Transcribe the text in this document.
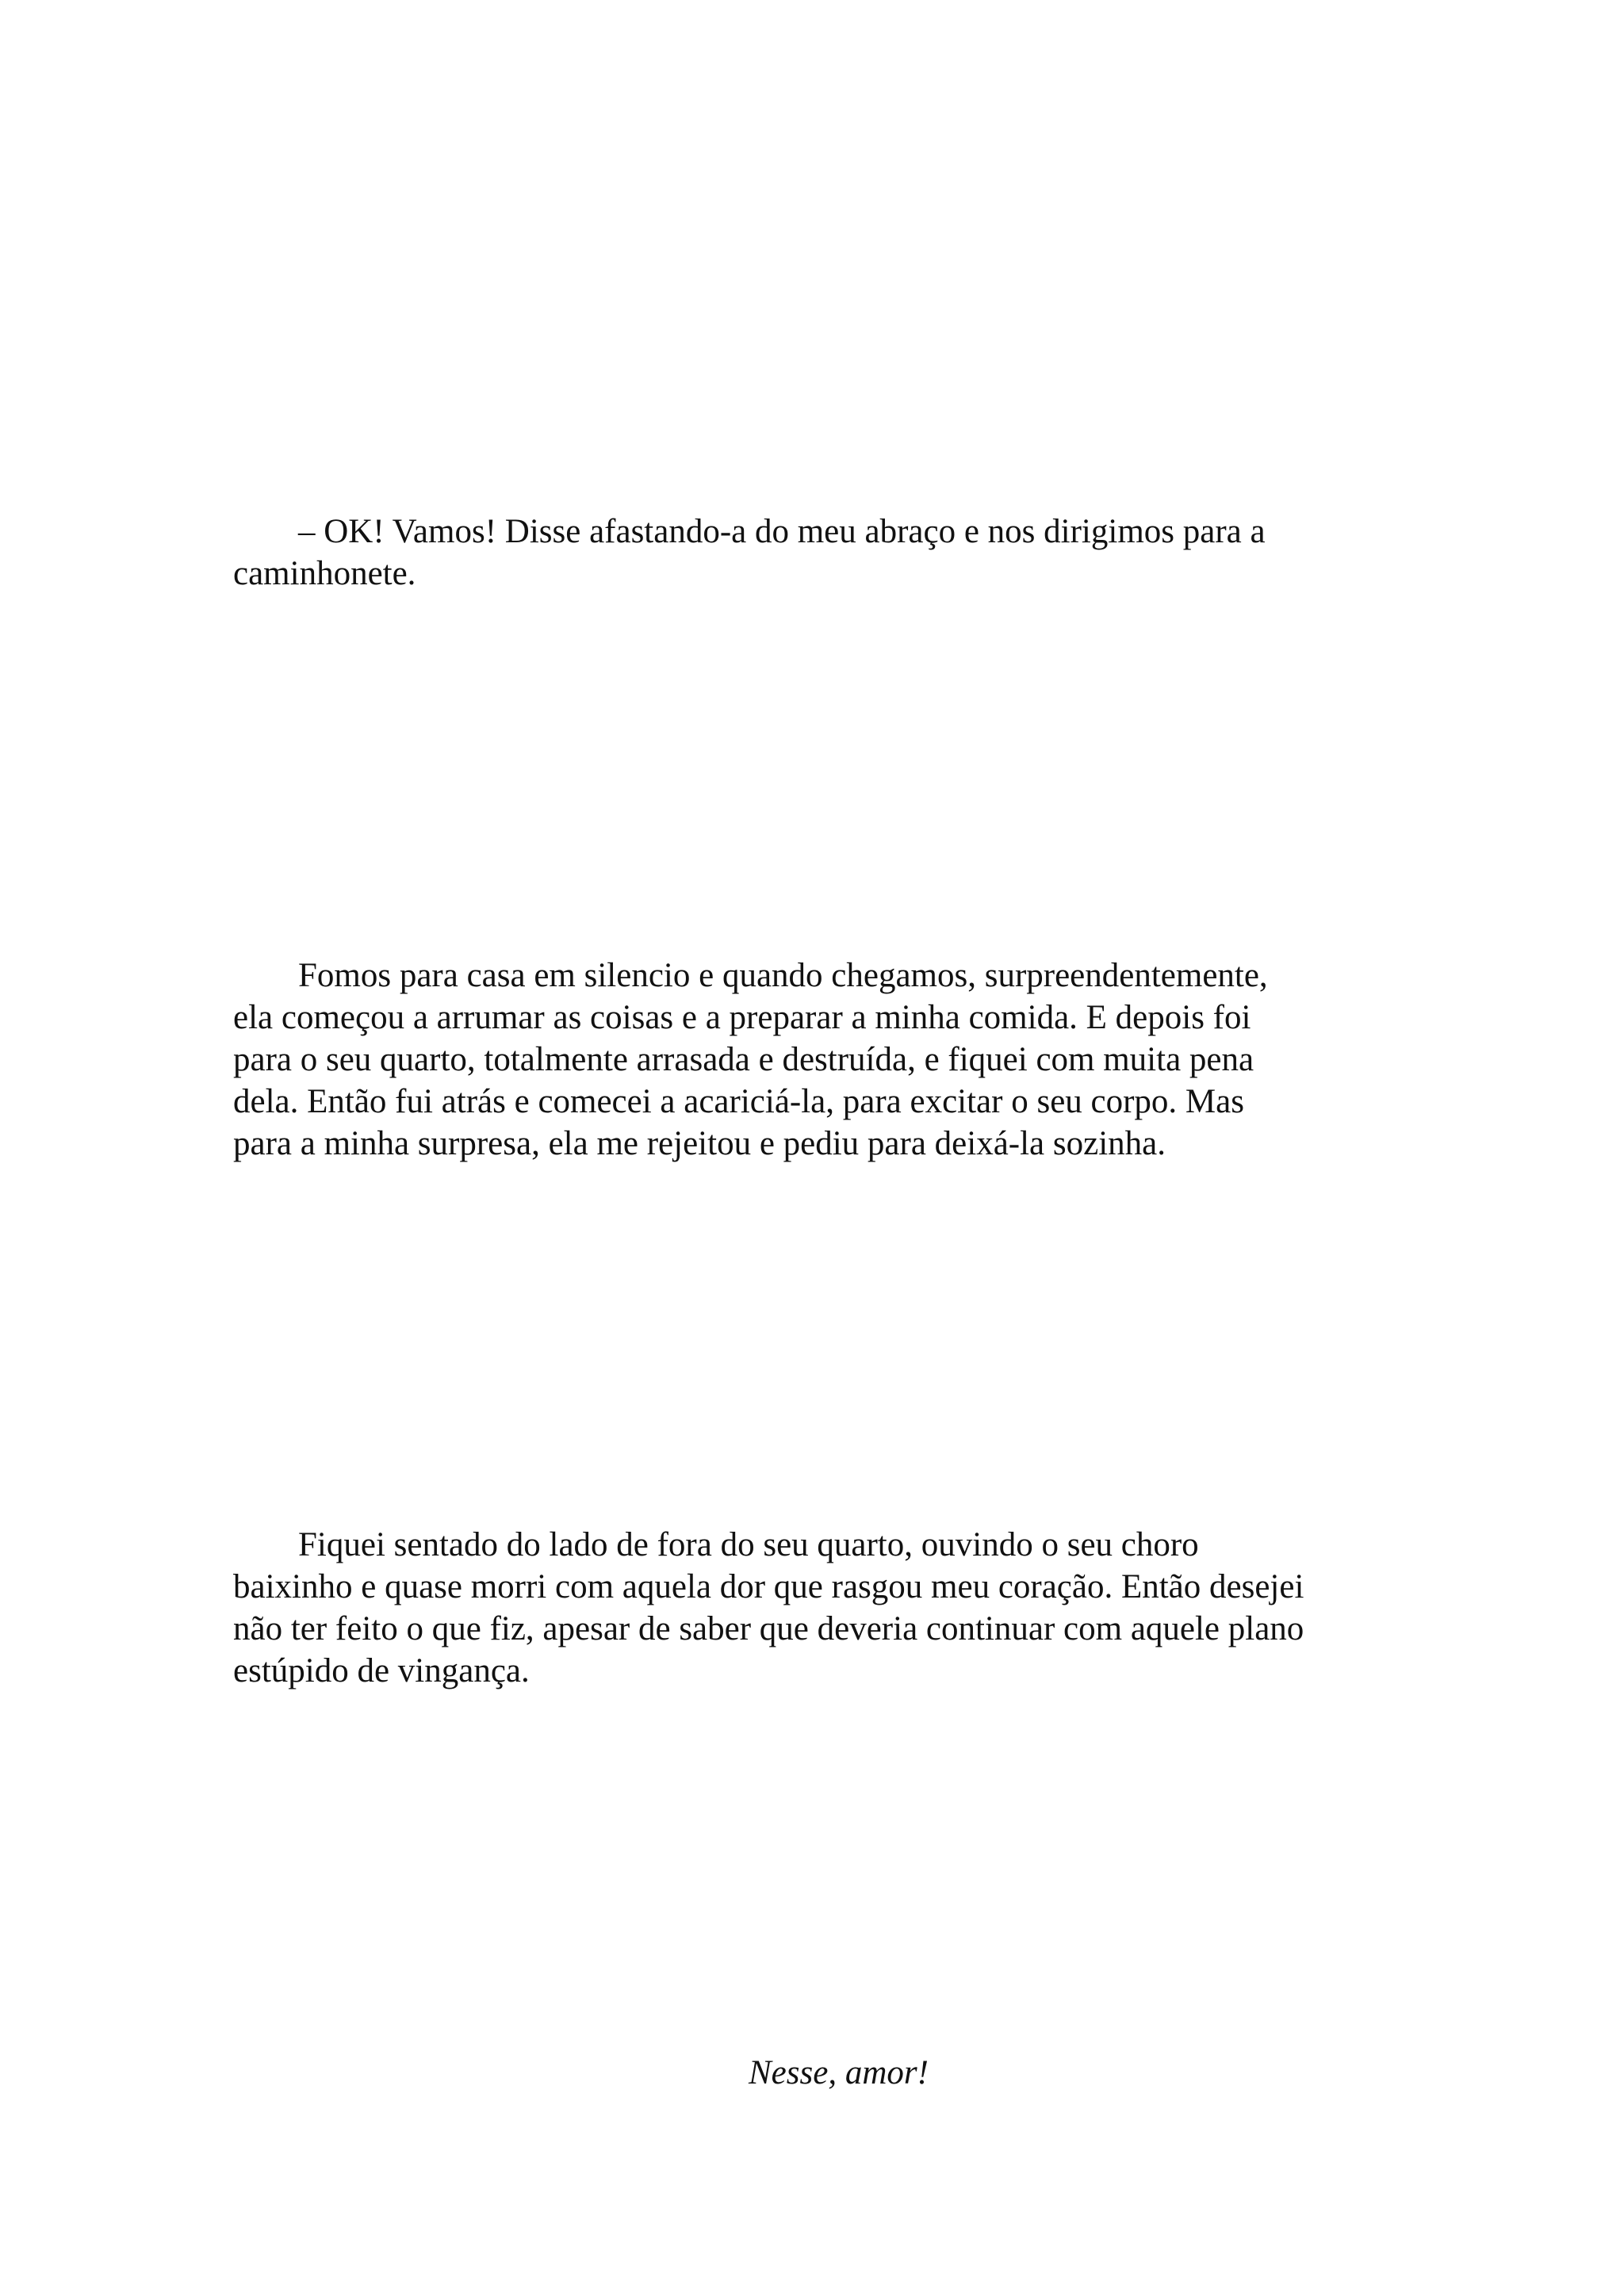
– OK! Vamos! Disse afastando-a do meu abraço e nos dirigimos para a
caminhonete.

Fomos para casa em silencio e quando chegamos, surpreendentemente,
ela começou a arrumar as coisas e a preparar a minha comida. E depois foi
para o seu quarto, totalmente arrasada e destruída, e fiquei com muita pena
dela. Então fui atrás e comecei a acariciá-la, para excitar o seu corpo. Mas
para a minha surpresa, ela me rejeitou e pediu para deixá-la sozinha.

Fiquei sentado do lado de fora do seu quarto, ouvindo o seu choro
baixinho e quase morri com aquela dor que rasgou meu coração. Então desejei
não ter feito o que fiz, apesar de saber que deveria continuar com aquele plano
estúpido de vingança.

Nesse, amor!
